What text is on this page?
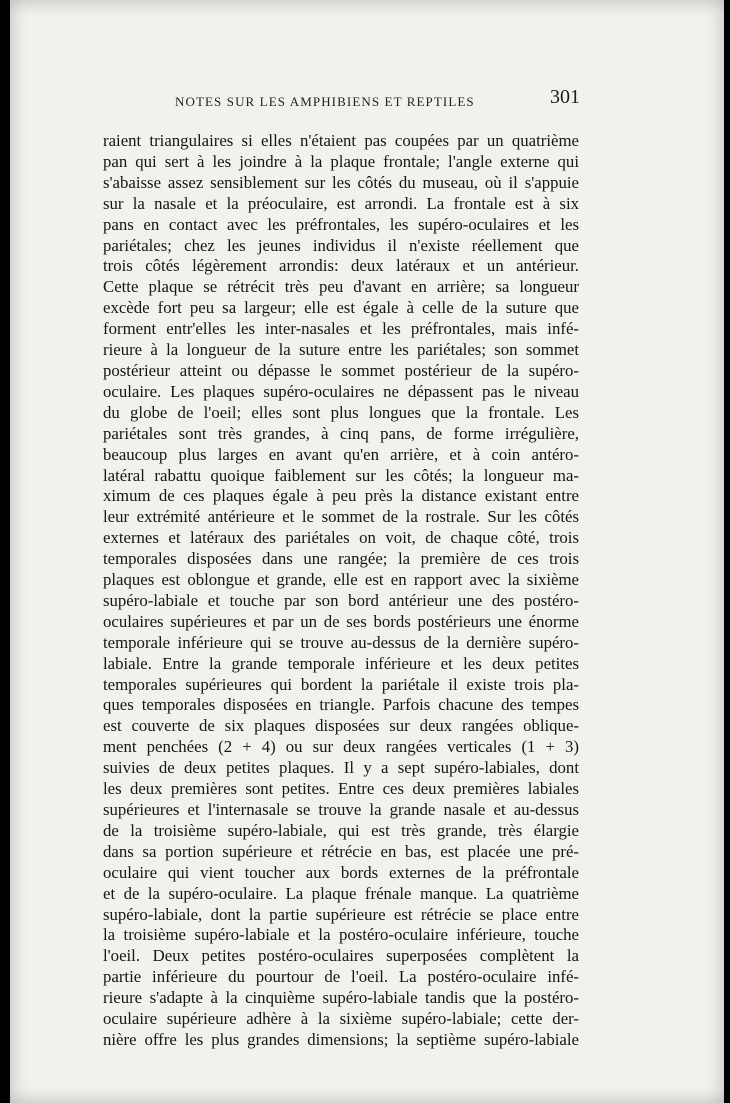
NOTES SUR LES AMPHIBIENS ET REPTILES	301
raient triangulaires si elles n'étaient pas coupées par un quatrième
pan qui sert à les joindre à la plaque frontale; l'angle externe qui
s'abaisse assez sensiblement sur les côtés du museau, où il s'appuie
sur la nasale et la préoculaire, est arrondi. La frontale est à six
pans en contact avec les préfrontales, les supéro-oculaires et les
pariétales; chez les jeunes individus il n'existe réellement que
trois côtés légèrement arrondis: deux latéraux et un antérieur.
Cette plaque se rétrécit très peu d'avant en arrière; sa longueur
excède fort peu sa largeur; elle est égale à celle de la suture que
forment entr'elles les inter-nasales et les préfrontales, mais infé-
rieure à la longueur de la suture entre les pariétales; son sommet
postérieur atteint ou dépasse le sommet postérieur de la supéro-
oculaire. Les plaques supéro-oculaires ne dépassent pas le niveau
du globe de l'oeil; elles sont plus longues que la frontale. Les
pariétales sont très grandes, à cinq pans, de forme irrégulière,
beaucoup plus larges en avant qu'en arrière, et à coin antéro-
latéral rabattu quoique faiblement sur les côtés; la longueur ma-
ximum de ces plaques égale à peu près la distance existant entre
leur extrémité antérieure et le sommet de la rostrale. Sur les côtés
externes et latéraux des pariétales on voit, de chaque côté, trois
temporales disposées dans une rangée; la première de ces trois
plaques est oblongue et grande, elle est en rapport avec la sixième
supéro-labiale et touche par son bord antérieur une des postéro-
oculaires supérieures et par un de ses bords postérieurs une énorme
temporale inférieure qui se trouve au-dessus de la dernière supéro-
labiale. Entre la grande temporale inférieure et les deux petites
temporales supérieures qui bordent la pariétale il existe trois pla-
ques temporales disposées en triangle. Parfois chacune des tempes
est couverte de six plaques disposées sur deux rangées oblique-
ment penchées (2 + 4) ou sur deux rangées verticales (1 + 3)
suivies de deux petites plaques. Il y a sept supéro-labiales, dont
les deux premières sont petites. Entre ces deux premières labiales
supérieures et l'internasale se trouve la grande nasale et au-dessus
de la troisième supéro-labiale, qui est très grande, très élargie
dans sa portion supérieure et rétrécie en bas, est placée une pré-
oculaire qui vient toucher aux bords externes de la préfrontale
et de la supéro-oculaire. La plaque frénale manque. La quatrième
supéro-labiale, dont la partie supérieure est rétrécie se place entre
la troisième supéro-labiale et la postéro-oculaire inférieure, touche
l'oeil. Deux petites postéro-oculaires superposées complètent la
partie inférieure du pourtour de l'oeil. La postéro-oculaire infé-
rieure s'adapte à la cinquième supéro-labiale tandis que la postéro-
oculaire supérieure adhère à la sixième supéro-labiale; cette der-
nière offre les plus grandes dimensions; la septième supéro-labiale
